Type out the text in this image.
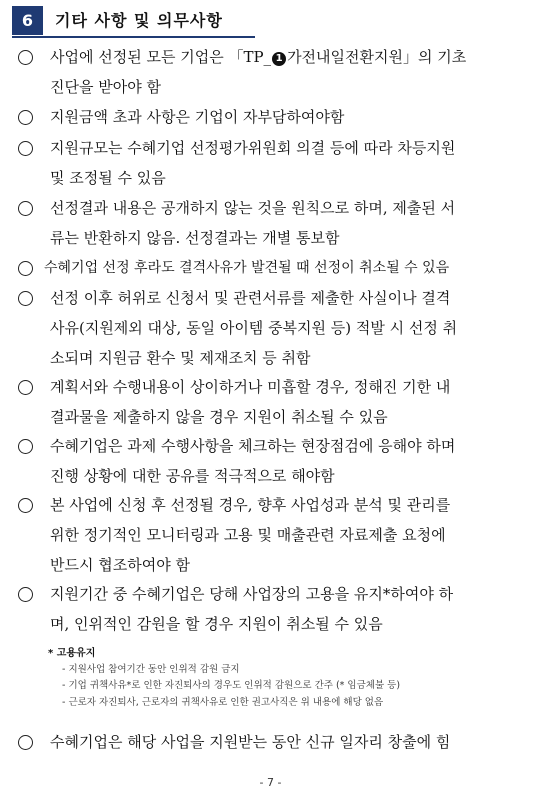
6	기타 사항 및 의무사항
사업에 선정된 모든 기업은 「TP_ 1 가전내일전환지원」의 기초
진단을 받아야 함
지원금액 초과 사항은 기업이 자부담하여야함
지원규모는 수혜기업 선정평가위원회 의결 등에 따라 차등지원
및 조정될 수 있음
선정결과 내용은 공개하지 않는 것을 원칙으로 하며, 제출된 서
류는 반환하지 않음. 선정결과는 개별 통보함
수혜기업 선정 후라도 결격사유가 발견될 때 선정이 취소될 수 있음
선정 이후 허위로 신청서 및 관련서류를 제출한 사실이나 결격
사유(지원제외 대상, 동일 아이템 중복지원 등) 적발 시 선정 취
소되며 지원금 환수 및 제재조치 등 취함
계획서와 수행내용이 상이하거나 미흡할 경우, 정해진 기한 내
결과물을 제출하지 않을 경우 지원이 취소될 수 있음
수혜기업은 과제 수행사항을 체크하는 현장점검에 응해야 하며
진행 상황에 대한 공유를 적극적으로 해야함
본 사업에 신청 후 선정될 경우, 향후 사업성과 분석 및 관리를
위한 정기적인 모니터링과 고용 및 매출관련 자료제출 요청에
반드시 협조하여야 함
지원기간 중 수혜기업은 당해 사업장의 고용을 유지*하여야 하
며, 인위적인 감원을 할 경우 지원이 취소될 수 있음
수혜기업은 해당 사업을 지원받는 동안 신규 일자리 창출에 힘
* 고용유지
- 지원사업 참여기간 동안 인위적 감원 금지
- 기업 귀책사유*로 인한 자진퇴사의 경우도 인위적 감원으로 간주 (* 임금체불 등)
- 근로자 자진퇴사, 근로자의 귀책사유로 인한 권고사직은 위 내용에 해당 없음
- 7 -
